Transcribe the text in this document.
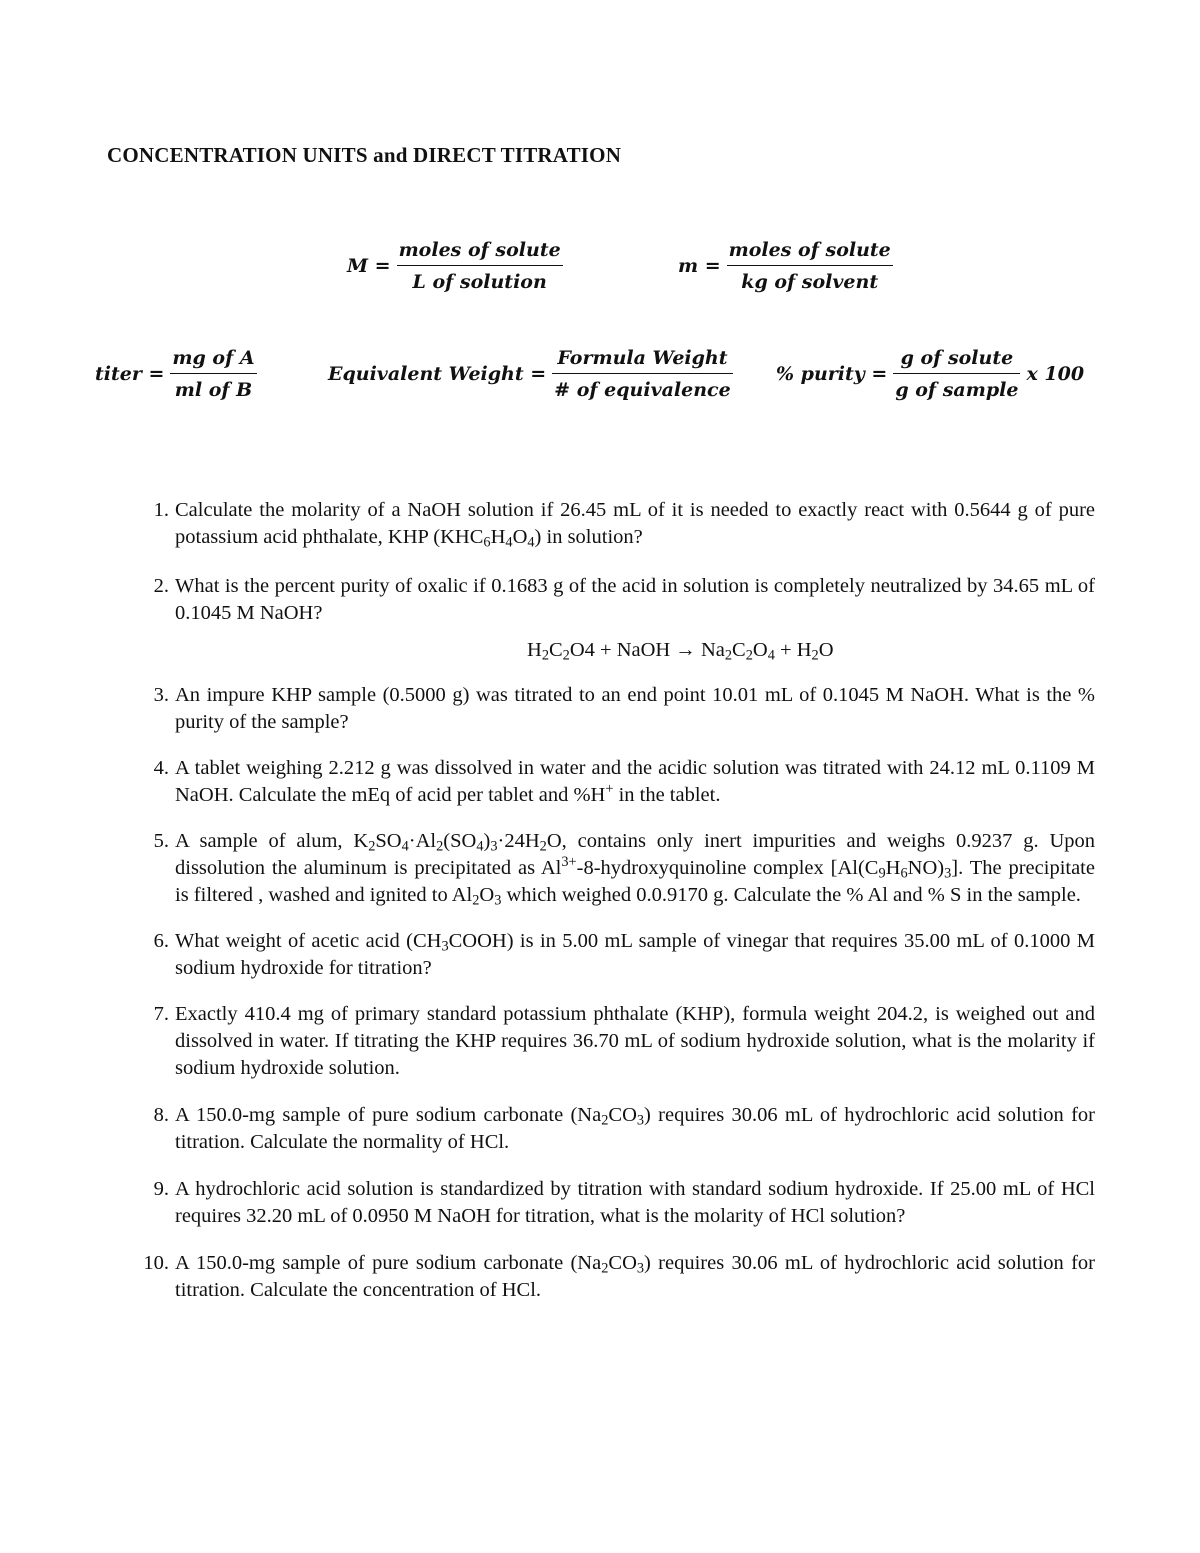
CONCENTRATION UNITS and DIRECT TITRATION
$M = \frac{\text{moles of solute}}{\text{L of solution}}$	$m = \frac{\text{moles of solute}}{\text{kg of solvent}}$
titer = $\frac{\text{mg of A}}{\text{ml of B}}$	Equivalent Weight = $\frac{\text{Formula Weight}}{\text{\# of equivalence}}$ % purity = $\frac{\text{g of solute}}{\text{g of sample}}$ x 100
1. Calculate the molarity of a NaOH solution if 26.45 mL of it is needed to exactly react with 0.5644 g of pure potassium acid phthalate, KHP $(KHC_6H_4O_4)$ in solution?
2. What is the percent purity of oxalic if 0.1683 g of the acid in solution is completely neutralized by 34.65 mL of 0.1045 M NaOH?
$H_2C_2O4$ + NaOH → $Na_2C_2O_4 + H_2O$
3. An impure KHP sample (0.5000 g) was titrated to an end point 10.01 mL of 0.1045 M NaOH. What is the % purity of the sample?
4. A tablet weighing 2.212 g was dissolved in water and the acidic solution was titrated with 24.12 mL 0.1109 M NaOH. Calculate the mEq of acid per tablet and %H+ in the tablet.
5. A sample of alum, $K_2SO_4\cdot Al_2(SO_4)_3\cdot 24H_2O$, contains only inert impurities and weighs 0.9237 g. Upon dissolution the aluminum is precipitated as $Al^{3+}-8$-hydroxyquinoline complex $[Al(C_9H_6NO)_3]$. The precipitate is filtered , washed and ignited to $Al_2O_3$ which weighed 0.0.9170 g. Calculate the % Al and % S in the sample.
6. What weight of acetic acid $(CH_3COOH)$ is in 5.00 mL sample of vinegar that requires 35.00 mL of 0.1000 M sodium hydroxide for titration?
7. Exactly 410.4 mg of primary standard potassium phthalate (KHP), formula weight 204.2, is weighed out and dissolved in water. If titrating the KHP requires 36.70 mL of sodium hydroxide solution, what is the molarity if sodium hydroxide solution.
8. A 150.0-mg sample of pure sodium carbonate $(Na_2CO_3)$ requires 30.06 mL of hydrochloric acid solution for titration. Calculate the normality of HCl.
9. A hydrochloric acid solution is standardized by titration with standard sodium hydroxide. If 25.00 mL of HCl requires 32.20 mL of 0.0950 M NaOH for titration, what is the molarity of HCl solution?
10. A 150.0-mg sample of pure sodium carbonate $(Na_2CO_3)$ requires 30.06 mL of hydrochloric acid solution for titration. Calculate the concentration of HCl.
